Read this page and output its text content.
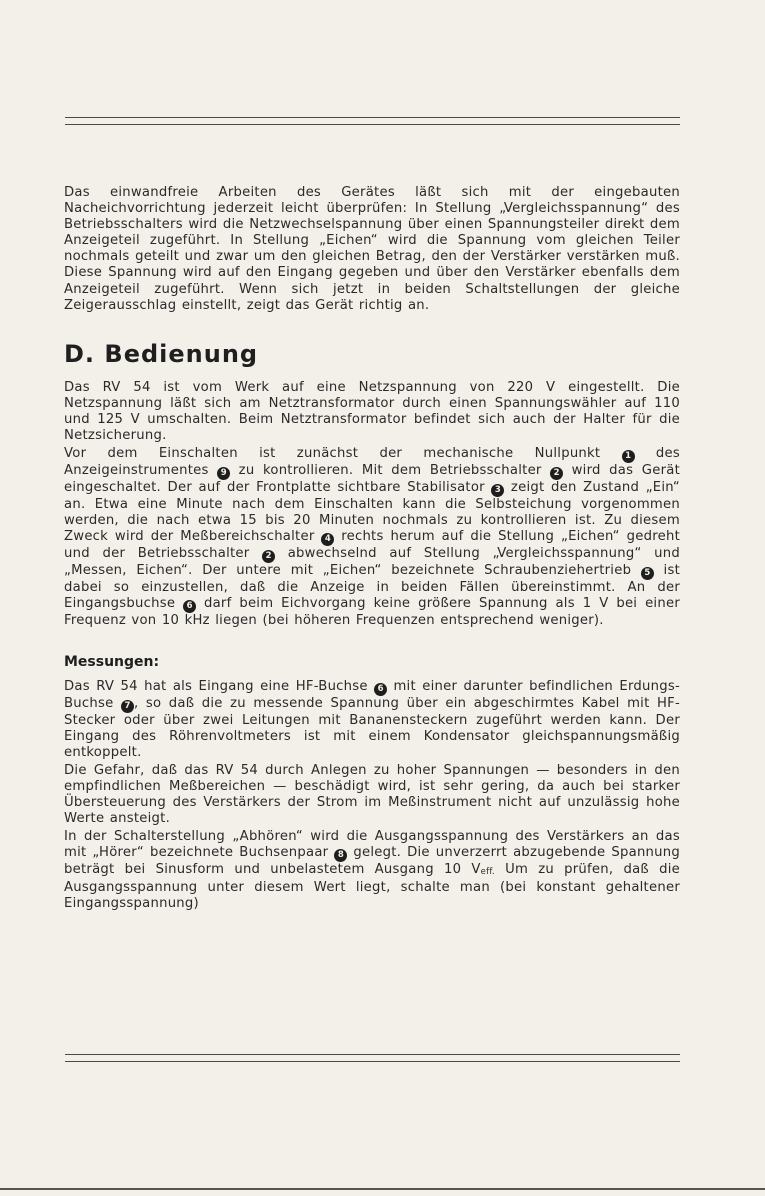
Das einwandfreie Arbeiten des Gerätes läßt sich mit der eingebauten Nacheichvorrichtung jederzeit leicht überprüfen: In Stellung „Vergleichsspannung“ des Betriebsschalters wird die Netzwechselspannung über einen Spannungsteiler direkt dem Anzeigeteil zugeführt. In Stellung „Eichen“ wird die Spannung vom gleichen Teiler nochmals geteilt und zwar um den gleichen Betrag, den der Verstärker verstärken muß. Diese Spannung wird auf den Eingang gegeben und über den Verstärker ebenfalls dem Anzeigeteil zugeführt. Wenn sich jetzt in beiden Schaltstellungen der gleiche Zeigerausschlag einstellt, zeigt das Gerät richtig an.

D. Bedienung

Das RV 54 ist vom Werk auf eine Netzspannung von 220 V eingestellt. Die Netzspannung läßt sich am Netztransformator durch einen Spannungswähler auf 110 und 125 V umschalten. Beim Netztransformator befindet sich auch der Halter für die Netzsicherung.

Vor dem Einschalten ist zunächst der mechanische Nullpunkt 1 des Anzeigeinstrumentes 9 zu kontrollieren. Mit dem Betriebsschalter 2 wird das Gerät eingeschaltet. Der auf der Frontplatte sichtbare Stabilisator 3 zeigt den Zustand „Ein“ an. Etwa eine Minute nach dem Einschalten kann die Selbsteichung vorgenommen werden, die nach etwa 15 bis 20 Minuten nochmals zu kontrollieren ist. Zu diesem Zweck wird der Meßbereichschalter 4 rechts herum auf die Stellung „Eichen“ gedreht und der Betriebsschalter 2 abwechselnd auf Stellung „Vergleichsspannung“ und „Messen, Eichen“. Der untere mit „Eichen“ bezeichnete Schraubenziehertrieb 5 ist dabei so einzustellen, daß die Anzeige in beiden Fällen übereinstimmt. An der Eingangsbuchse 6 darf beim Eichvorgang keine größere Spannung als 1 V bei einer Frequenz von 10 kHz liegen (bei höheren Frequenzen entsprechend weniger).

Messungen:

Das RV 54 hat als Eingang eine HF-Buchse 6 mit einer darunter befindlichen Erdungs-Buchse 7 , so daß die zu messende Spannung über ein abgeschirmtes Kabel mit HF-Stecker oder über zwei Leitungen mit Bananensteckern zugeführt werden kann. Der Eingang des Röhrenvoltmeters ist mit einem Kondensator gleichspannungsmäßig entkoppelt.

Die Gefahr, daß das RV 54 durch Anlegen zu hoher Spannungen — besonders in den empfindlichen Meßbereichen — beschädigt wird, ist sehr gering, da auch bei starker Übersteuerung des Verstärkers der Strom im Meßinstrument nicht auf unzulässig hohe Werte ansteigt.

In der Schalterstellung „Abhören“ wird die Ausgangsspannung des Verstärkers an das mit „Hörer“ bezeichnete Buchsenpaar 8 gelegt. Die unverzerrt abzugebende Spannung beträgt bei Sinusform und unbelastetem Ausgang 10 Veff. Um zu prüfen, daß die Ausgangsspannung unter diesem Wert liegt, schalte man (bei konstant gehaltener Eingangsspannung)
